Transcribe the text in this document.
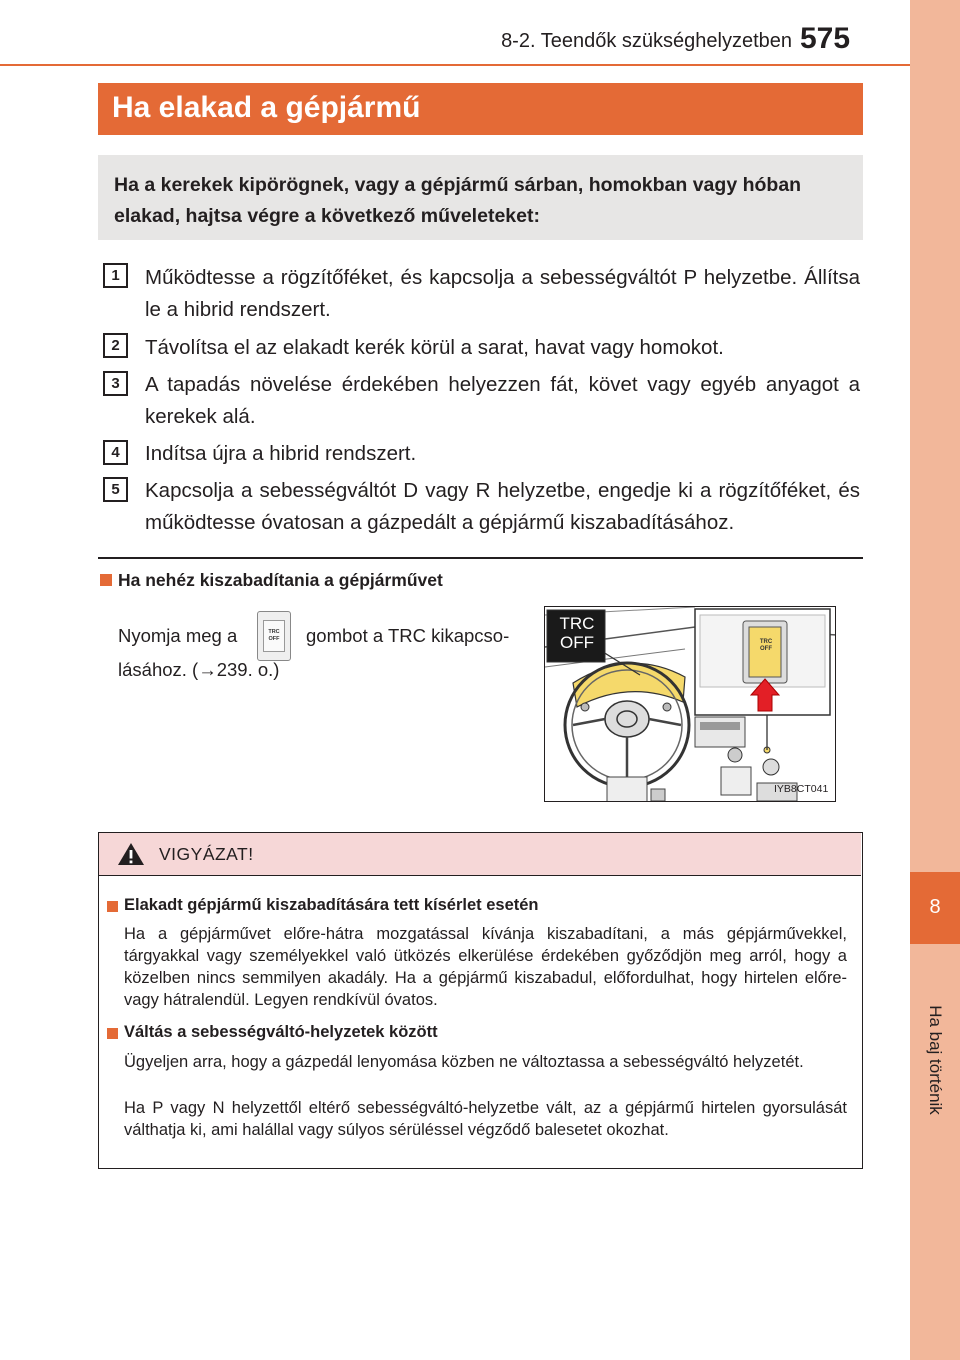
8-2. Teendők szükséghelyzetben 575
8
Ha baj történik
Ha elakad a gépjármű
Ha a kerekek kipörögnek, vagy a gépjármű sárban, homokban vagy hóban elakad, hajtsa végre a következő műveleteket:
1	Működtesse a rögzítőféket, és kapcsolja a sebességváltót P helyzetbe. Állítsa le a hibrid rendszert.
2	Távolítsa el az elakadt kerék körül a sarat, havat vagy homokot.
3	A tapadás növelése érdekében helyezzen fát, követ vagy egyéb anyagot a kerekek alá.
4	Indítsa újra a hibrid rendszert.
5	Kapcsolja a sebességváltót D vagy R helyzetbe, engedje ki a rögzítőféket, és működtesse óvatosan a gázpedált a gépjármű kiszabadításához.
Ha nehéz kiszabadítania a gépjárművet
Nyomja meg a	TRC OFF gombot a TRC kikapcso-
lásához. (→239. o.)
TRC
OFF	TRC
OFF
IYB8CT041
VIGYÁZAT!
Elakadt gépjármű kiszabadítására tett kísérlet esetén
Ha a gépjárművet előre-hátra mozgatással kívánja kiszabadítani, a más gépjárművekkel, tárgyakkal vagy személyekkel való ütközés elkerülése érdekében győződjön meg arról, hogy a közelben nincs semmilyen akadály. Ha a gépjármű kiszabadul, előfordulhat, hogy hirtelen előre- vagy hátralendül. Legyen rendkívül óvatos.
Váltás a sebességváltó-helyzetek között
Ügyeljen arra, hogy a gázpedál lenyomása közben ne változtassa a sebességváltó helyzetét.
Ha P vagy N helyzettől eltérő sebességváltó-helyzetbe vált, az a gépjármű hirtelen gyorsulását válthatja ki, ami halállal vagy súlyos sérüléssel végződő balesetet okozhat.
